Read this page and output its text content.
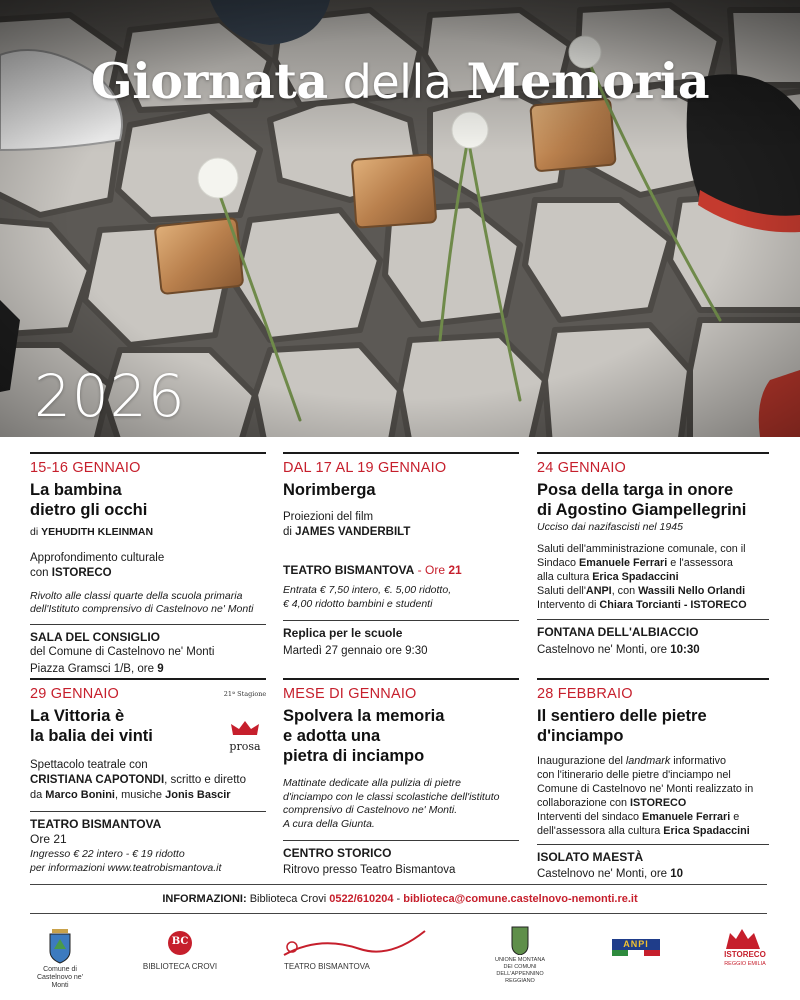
Giornata della Memoria
2026
15-16 GENNAIO
La bambina
dietro gli occhi
di YEHUDITH KLEINMAN
Approfondimento culturale
con ISTORECO
Rivolto alle classi quarte della scuola primaria
dell'Istituto comprensivo di Castelnovo ne' Monti
SALA DEL CONSIGLIO
del Comune di Castelnovo ne' Monti
Piazza Gramsci 1/B, ore 9
DAL 17 AL 19 GENNAIO
Norimberga
Proiezioni del film
di JAMES VANDERBILT
TEATRO BISMANTOVA - Ore 21
Entrata € 7,50 intero, €. 5,00 ridotto,
€ 4,00 ridotto bambini e studenti
Replica per le scuole
Martedì 27 gennaio ore 9:30
24 GENNAIO
Posa della targa in onore
di Agostino Giampellegrini
Ucciso dai nazifascisti nel 1945
Saluti dell'amministrazione comunale, con il
Sindaco Emanuele Ferrari e l'assessora
alla cultura Erica Spadaccini
Saluti dell'ANPI, con Wassili Nello Orlandi
Intervento di Chiara Torcianti - ISTORECO
FONTANA DELL'ALBIACCIO
Castelnovo ne' Monti, ore 10:30
29 GENNAIO
La Vittoria è
la balia dei vinti
21ª Stagione
prosa
Spettacolo teatrale con
CRISTIANA CAPOTONDI, scritto e diretto
da Marco Bonini, musiche Jonis Bascir
TEATRO BISMANTOVA
Ore 21
Ingresso € 22 intero - € 19 ridotto
per informazioni www.teatrobismantova.it
MESE DI GENNAIO
Spolvera la memoria
e adotta una
pietra di inciampo
Mattinate dedicate alla pulizia di pietre
d'inciampo con le classi scolastiche dell'istituto
comprensivo di Castelnovo ne' Monti.
A cura della Giunta.
CENTRO STORICO
Ritrovo presso Teatro Bismantova
28 FEBBRAIO
Il sentiero delle pietre
d'inciampo
Inaugurazione del landmark informativo
con l'itinerario delle pietre d'inciampo nel
Comune di Castelnovo ne' Monti realizzato in
collaborazione con ISTORECO
Interventi del sindaco Emanuele Ferrari e
dell'assessora alla cultura Erica Spadaccini
ISOLATO MAESTÀ
Castelnovo ne' Monti, ore 10
INFORMAZIONI: Biblioteca Crovi 0522/610204 - biblioteca@comune.castelnovo-nemonti.re.it
Comune di
Castelnovo ne' Monti
BC
BIBLIOTECA CROVI	TEATRO BISMANTOVA
UNIONE MONTANA
DEI COMUNI
DELL'APPENNINO REGGIANO
ANPI
ISTORECO
REGGIO EMILIA
